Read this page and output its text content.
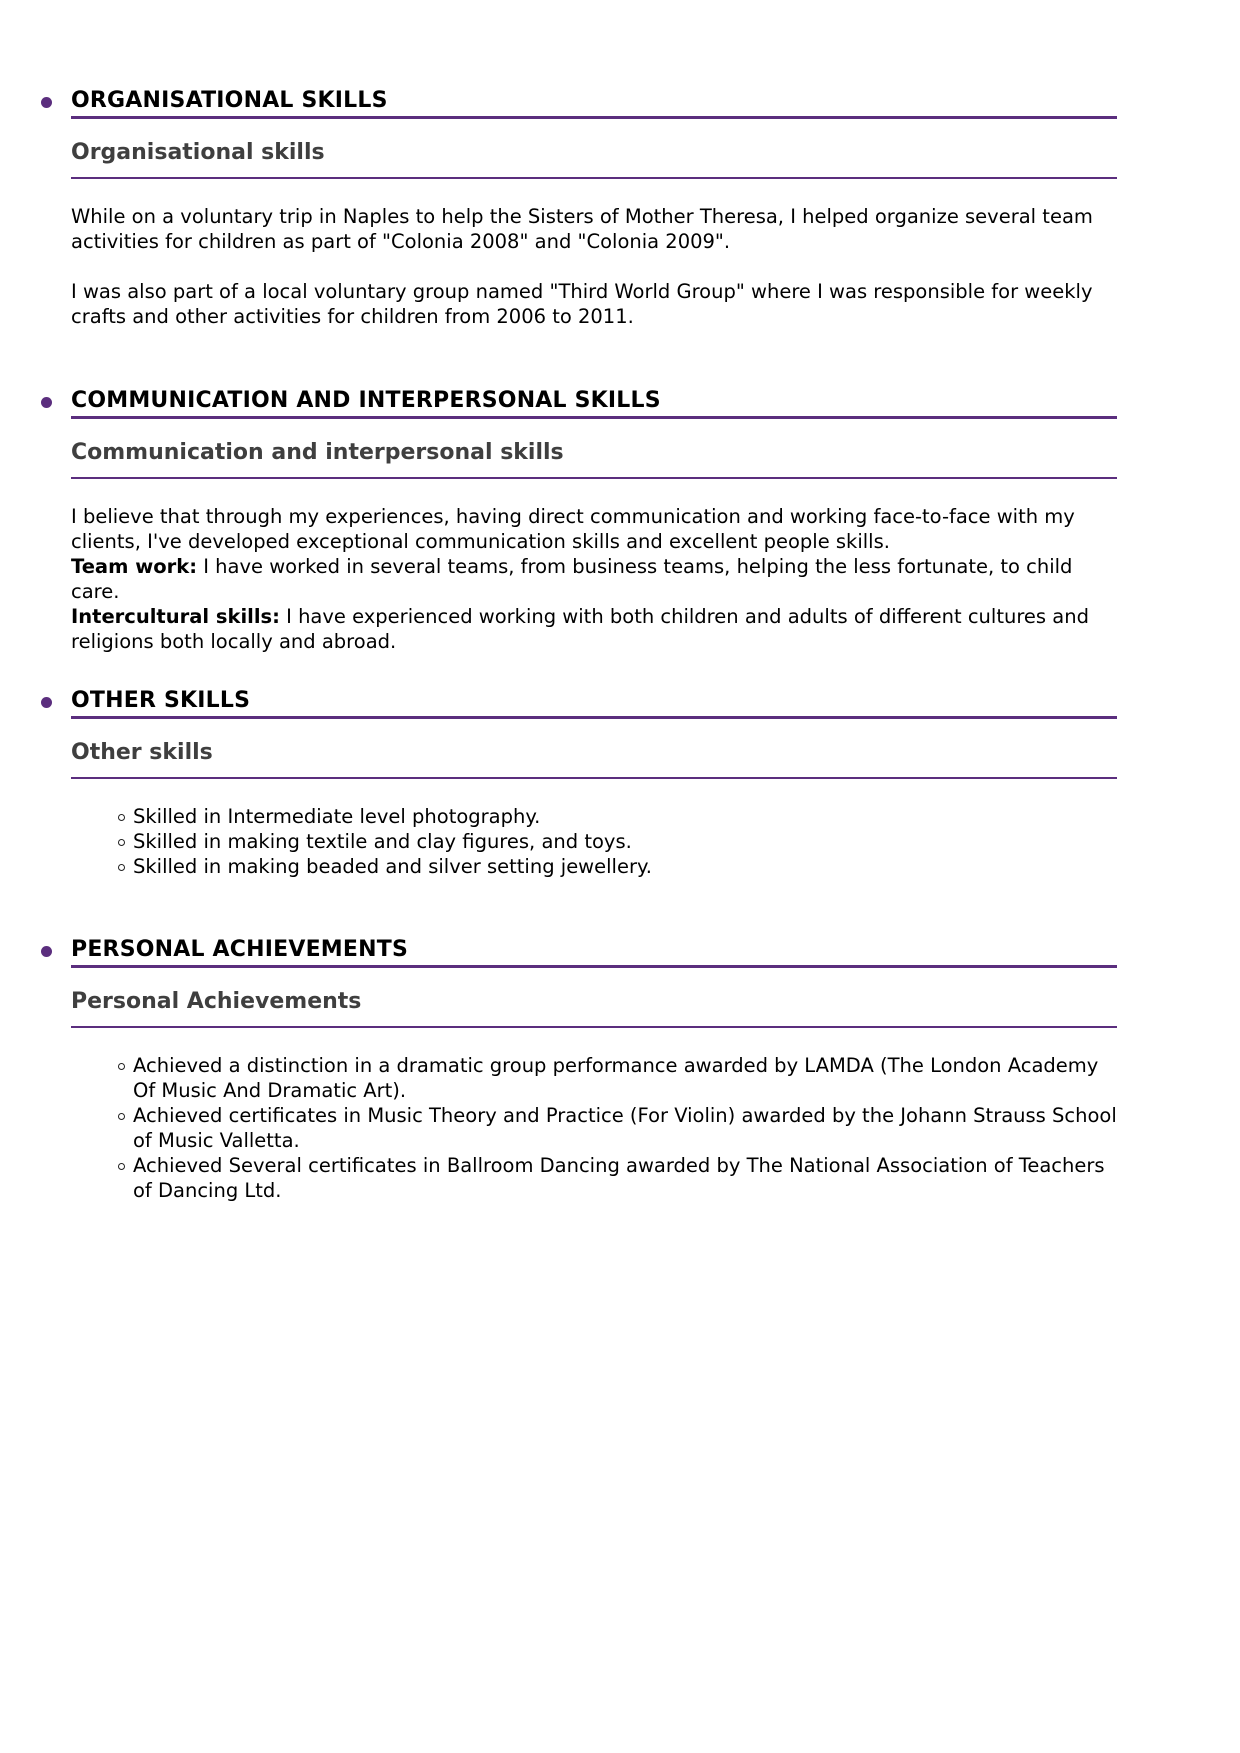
ORGANISATIONAL SKILLS
Organisational skills

While on a voluntary trip in Naples to help the Sisters of Mother Theresa, I helped organize several team activities for children as part of "Colonia 2008" and "Colonia 2009".

I was also part of a local voluntary group named "Third World Group" where I was responsible for weekly crafts and other activities for children from 2006 to 2011.

COMMUNICATION AND INTERPERSONAL SKILLS
Communication and interpersonal skills

I believe that through my experiences, having direct communication and working face-to-face with my clients, I've developed exceptional communication skills and excellent people skills.

Team work: I have worked in several teams, from business teams, helping the less fortunate, to child care.

Intercultural skills: I have experienced working with both children and adults of different cultures and religions both locally and abroad.

OTHER SKILLS
Other skills
Skilled in Intermediate level photography.
Skilled in making textile and clay figures, and toys.
Skilled in making beaded and silver setting jewellery.
PERSONAL ACHIEVEMENTS
Personal Achievements
Achieved a distinction in a dramatic group performance awarded by LAMDA (The London Academy Of Music And Dramatic Art).
Achieved certificates in Music Theory and Practice (For Violin) awarded by the Johann Strauss School of Music Valletta.
Achieved Several certificates in Ballroom Dancing awarded by The National Association of Teachers of Dancing Ltd.
